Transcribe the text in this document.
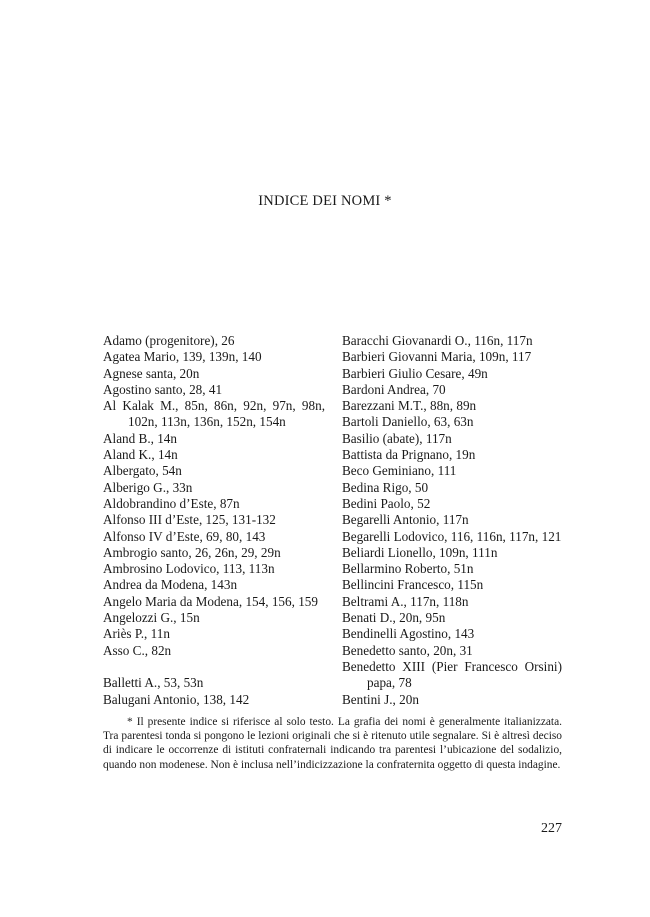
INDICE DEI NOMI *
Adamo (progenitore), 26
Agatea Mario, 139, 139n, 140
Agnese santa, 20n
Agostino santo, 28, 41
Al Kalak M., 85n, 86n, 92n, 97n, 98n, 102n, 113n, 136n, 152n, 154n
Aland B., 14n
Aland K., 14n
Albergato, 54n
Alberigo G., 33n
Aldobrandino d’Este, 87n
Alfonso III d’Este, 125, 131-132
Alfonso IV d’Este, 69, 80, 143
Ambrogio santo, 26, 26n, 29, 29n
Ambrosino Lodovico, 113, 113n
Andrea da Modena, 143n
Angelo Maria da Modena, 154, 156, 159
Angelozzi G., 15n
Ariès P., 11n
Asso C., 82n
Balletti A., 53, 53n
Balugani Antonio, 138, 142
Baracchi Giovanardi O., 116n, 117n
Barbieri Giovanni Maria, 109n, 117
Barbieri Giulio Cesare, 49n
Bardoni Andrea, 70
Barezzani M.T., 88n, 89n
Bartoli Daniello, 63, 63n
Basilio (abate), 117n
Battista da Prignano, 19n
Beco Geminiano, 111
Bedina Rigo, 50
Bedini Paolo, 52
Begarelli Antonio, 117n
Begarelli Lodovico, 116, 116n, 117n, 121
Beliardi Lionello, 109n, 111n
Bellarmino Roberto, 51n
Bellincini Francesco, 115n
Beltrami A., 117n, 118n
Benati D., 20n, 95n
Bendinelli Agostino, 143
Benedetto santo, 20n, 31
Benedetto XIII (Pier Francesco Orsini) papa, 78
Bentini J., 20n
* Il presente indice si riferisce al solo testo. La grafia dei nomi è generalmente italianizzata. Tra parentesi tonda si pongono le lezioni originali che si è ritenuto utile segnalare. Si è altresì deciso di indicare le occorrenze di istituti confraternali indicando tra parentesi l’ubicazione del sodalizio, quando non modenese. Non è inclusa nell’indicizzazione la confraternita oggetto di questa indagine.
227
